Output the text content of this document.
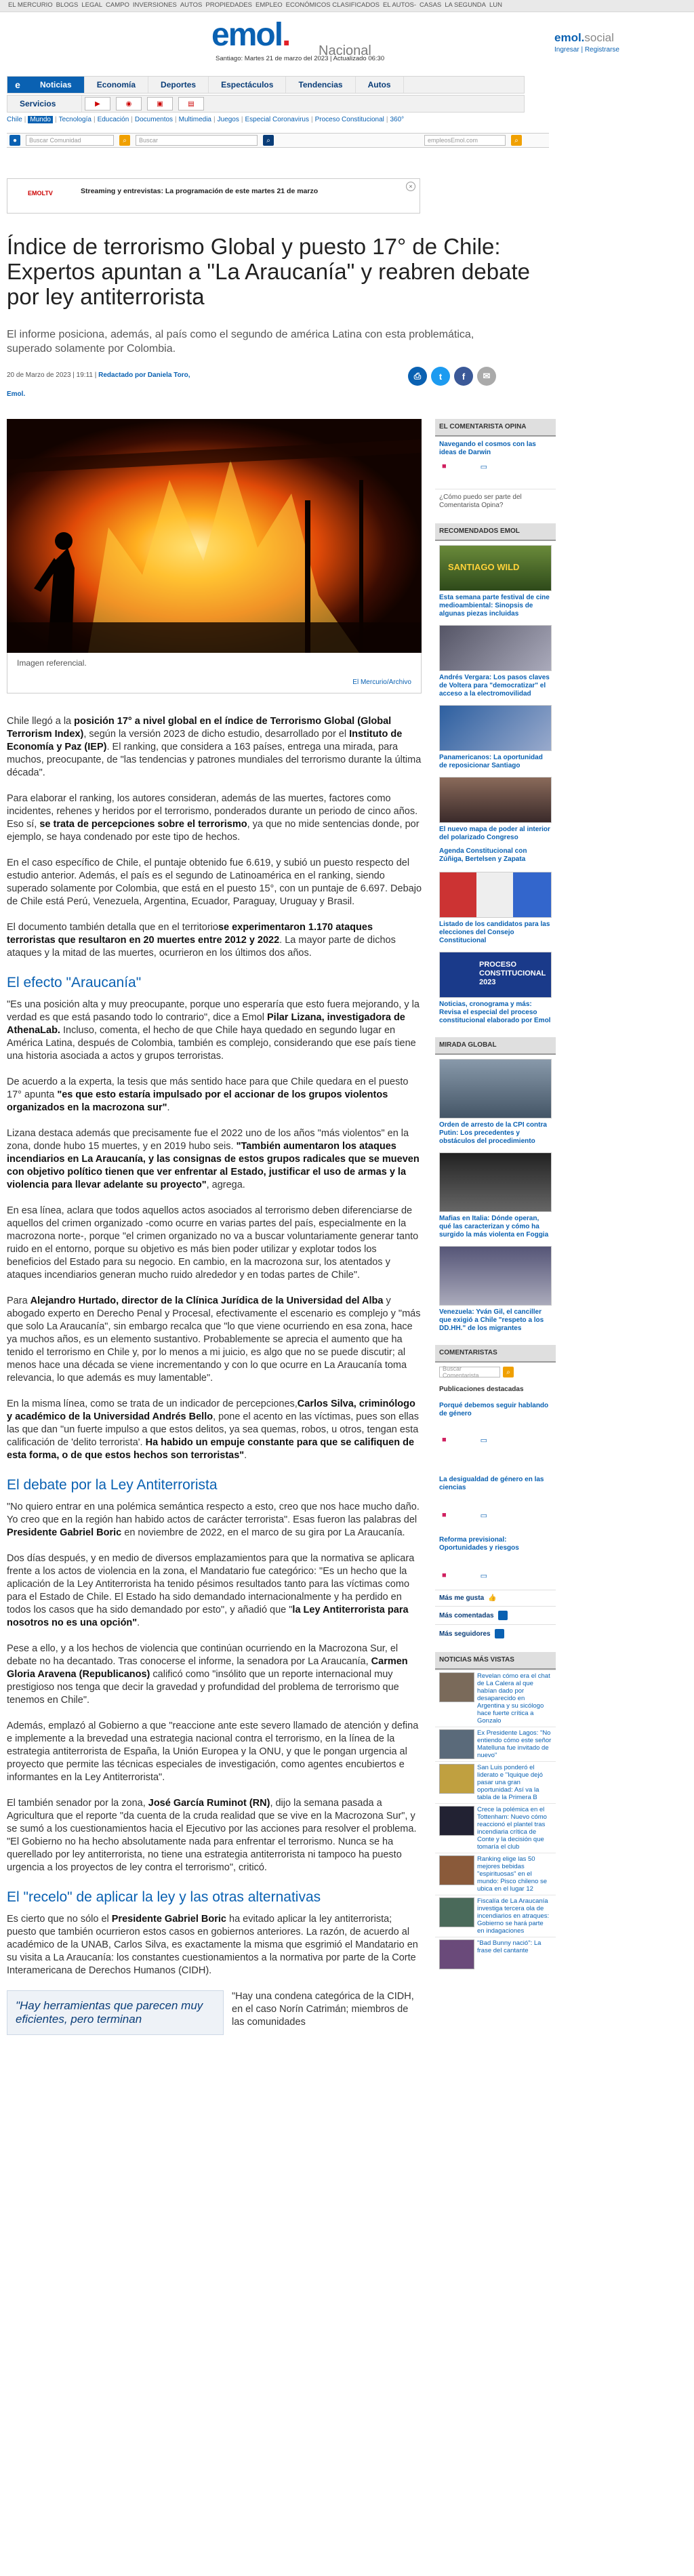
EL MERCURIO BLOGS LEGAL CAMPO INVERSIONES AUTOS PROPIEDADES EMPLEO ECONÓMICOS CLASIFICADOS EL AUTOS- CASAS LA SEGUNDA LUN
emol. Nacional
Santiago: Martes 21 de marzo del 2023 | Actualizado 06:30
emol.social
Ingresar | Registrarse
e	Noticias	Economía	Deportes	Espectáculos	Tendencias	Autos
Servicios	▶	◉	▣	▤
Chile | Mundo | Tecnología | Educación | Documentos | Multimedia | Juegos | Especial Coronavirus | Proceso Constitucional | 360°
●	Buscar Comunidad	⌕	Buscar	⌕	empleosEmol.com	⌕
EMOLTV	Streaming y entrevistas: La programación de este martes 21 de marzo
×
Índice de terrorismo Global y puesto 17° de Chile: Expertos apuntan a "La Araucanía" y reabren debate por ley antiterrorista
El informe posiciona, además, al país como el segundo de américa Latina con esta problemática, superado solamente por Colombia.
20 de Marzo de 2023 | 19:11 | Redactado por Daniela Toro,
Emol.
⎙	t	f	✉
Imagen referencial.
El Mercurio/Archivo

Chile llegó a la posición 17° a nivel global en el índice de Terrorismo Global (Global Terrorism Index), según la versión 2023 de dicho estudio, desarrollado por el Instituto de Economía y Paz (IEP). El ranking, que considera a 163 países, entrega una mirada, para muchos, preocupante, de "las tendencias y patrones mundiales del terrorismo durante la última década".

Para elaborar el ranking, los autores consideran, además de las muertes, factores como incidentes, rehenes y heridos por el terrorismo, ponderados durante un periodo de cinco años. Eso sí, se trata de percepciones sobre el terrorismo, ya que no mide sentencias donde, por ejemplo, se haya condenado por este tipo de hechos.

En el caso específico de Chile, el puntaje obtenido fue 6.619, y subió un puesto respecto del estudio anterior. Además, el país es el segundo de Latinoamérica en el ranking, siendo superado solamente por Colombia, que está en el puesto 15°, con un puntaje de 6.697. Debajo de Chile está Perú, Venezuela, Argentina, Ecuador, Paraguay, Uruguay y Brasil.

El documento también detalla que en el territoriose experimentaron 1.170 ataques terroristas que resultaron en 20 muertes entre 2012 y 2022. La mayor parte de dichos ataques y la mitad de las muertes, ocurrieron en los últimos dos años.

El efecto "Araucanía"

"Es una posición alta y muy preocupante, porque uno esperaría que esto fuera mejorando, y la verdad es que está pasando todo lo contrario", dice a Emol Pilar Lizana, investigadora de AthenaLab. Incluso, comenta, el hecho de que Chile haya quedado en segundo lugar en América Latina, después de Colombia, también es complejo, considerando que ese país tiene una historia asociada a actos y grupos terroristas.

De acuerdo a la experta, la tesis que más sentido hace para que Chile quedara en el puesto 17° apunta "es que esto estaría impulsado por el accionar de los grupos violentos organizados en la macrozona sur".

Lizana destaca además que precisamente fue el 2022 uno de los años "más violentos" en la zona, donde hubo 15 muertes, y en 2019 hubo seis. "También aumentaron los ataques incendiarios en La Araucanía, y las consignas de estos grupos radicales que se mueven con objetivo político tienen que ver enfrentar al Estado, justificar el uso de armas y la violencia para llevar adelante su proyecto", agrega.

En esa línea, aclara que todos aquellos actos asociados al terrorismo deben diferenciarse de aquellos del crimen organizado -como ocurre en varias partes del país, especialmente en la macrozona norte-, porque "el crimen organizado no va a buscar voluntariamente generar tanto ruido en el entorno, porque su objetivo es más bien poder utilizar y explotar todos los beneficios del Estado para su negocio. En cambio, en la macrozona sur, los atentados y ataques incendiarios generan mucho ruido alrededor y en todas partes de Chile".

Para Alejandro Hurtado, director de la Clínica Jurídica de la Universidad del Alba y abogado experto en Derecho Penal y Procesal, efectivamente el escenario es complejo y "más que solo La Araucanía", sin embargo recalca que "lo que viene ocurriendo en esa zona, hace ya muchos años, es un elemento sustantivo. Probablemente se aprecia el aumento que ha tenido el terrorismo en Chile y, por lo menos a mi juicio, es algo que no se puede discutir; al menos hace una década se viene incrementando y con lo que ocurre en La Araucanía toma relevancia, lo que además es muy lamentable".

En la misma línea, como se trata de un indicador de percepciones,Carlos Silva, criminólogo y académico de la Universidad Andrés Bello, pone el acento en las víctimas, pues son ellas las que dan "un fuerte impulso a que estos delitos, ya sea quemas, robos, u otros, tengan esta calificación de 'delito terrorista'. Ha habido un empuje constante para que se califiquen de esta forma, o de que estos hechos son terroristas".

El debate por la Ley Antiterrorista

"No quiero entrar en una polémica semántica respecto a esto, creo que nos hace mucho daño. Yo creo que en la región han habido actos de carácter terrorista". Esas fueron las palabras del Presidente Gabriel Boric en noviembre de 2022, en el marco de su gira por La Araucanía.

Dos días después, y en medio de diversos emplazamientos para que la normativa se aplicara frente a los actos de violencia en la zona, el Mandatario fue categórico: "Es un hecho que la aplicación de la Ley Antiterrorista ha tenido pésimos resultados tanto para las víctimas como para el Estado de Chile. El Estado ha sido demandado internacionalmente y ha perdido en todos los casos que ha sido demandado por esto", y añadió que "la Ley Antiterrorista para nosotros no es una opción".

Pese a ello, y a los hechos de violencia que continúan ocurriendo en la Macrozona Sur, el debate no ha decantado. Tras conocerse el informe, la senadora por La Araucanía, Carmen Gloria Aravena (Republicanos) calificó como "insólito que un reporte internacional muy prestigioso nos tenga que decir la gravedad y profundidad del problema de terrorismo que tenemos en Chile".

Además, emplazó al Gobierno a que "reaccione ante este severo llamado de atención y defina e implemente a la brevedad una estrategia nacional contra el terrorismo, en la línea de la estrategia antiterrorista de España, la Unión Europea y la ONU, y que le pongan urgencia al proyecto que permite las técnicas especiales de investigación, como agentes encubiertos e informantes en la Ley Antiterrorista".

El también senador por la zona, José García Ruminot (RN), dijo la semana pasada a Agricultura que el reporte "da cuenta de la cruda realidad que se vive en la Macrozona Sur", y se sumó a los cuestionamientos hacia el Ejecutivo por las acciones para resolver el problema. "El Gobierno no ha hecho absolutamente nada para enfrentar el terrorismo. Nunca se ha querellado por ley antiterrorista, no tiene una estrategia antiterrorista ni tampoco ha puesto urgencia a los proyectos de ley contra el terrorismo", criticó.

El "recelo" de aplicar la ley y las otras alternativas

Es cierto que no sólo el Presidente Gabriel Boric ha evitado aplicar la ley antiterrorista; puesto que también ocurrieron estos casos en gobiernos anteriores. La razón, de acuerdo al académico de la UNAB, Carlos Silva, es exactamente la misma que esgrimió el Mandatario en su visita a La Araucanía: los constantes cuestionamientos a la normativa por parte de la Corte Interamericana de Derechos Humanos (CIDH).

"Hay herramientas que parecen muy eficientes, pero terminan

"Hay una condena categórica de la CIDH, en el caso Norín Catrimán; miembros de las comunidades

EL COMENTARISTA OPINA
Navegando el cosmos con las ideas de Darwin
■	▭
¿Cómo puedo ser parte del Comentarista Opina?
RECOMENDADOS EMOL
SANTIAGO WILD
Esta semana parte festival de cine medioambiental: Sinopsis de algunas piezas incluidas
Andrés Vergara: Los pasos claves de Voltera para "democratizar" el acceso a la electromovilidad
Panamericanos: La oportunidad de reposicionar Santiago
El nuevo mapa de poder al interior del polarizado Congreso
Agenda Constitucional con Zúñiga, Bertelsen y Zapata
Listado de los candidatos para las elecciones del Consejo Constitucional
PROCESO CONSTITUCIONAL 2023
Noticias, cronograma y más: Revisa el especial del proceso constitucional elaborado por Emol
MIRADA GLOBAL
Orden de arresto de la CPI contra Putin: Los precedentes y obstáculos del procedimiento
Mafias en Italia: Dónde operan, qué las caracterizan y cómo ha surgido la más violenta en Foggia
Venezuela: Yván Gil, el canciller que exigió a Chile "respeto a los DD.HH." de los migrantes
COMENTARISTAS
Buscar Comentarista	⌕
Publicaciones destacadas
Porqué debemos seguir hablando de género
■	▭
La desigualdad de género en las ciencias
■	▭
Reforma previsional: Oportunidades y riesgos
■	▭
Más me gusta 👍
Más comentadas
Más seguidores
NOTICIAS MÁS VISTAS
Revelan cómo era el chat de La Calera al que habían dado por desaparecido en Argentina y su sicólogo hace fuerte crítica a Gonzalo
Ex Presidente Lagos: "No entiendo cómo este señor Matelluna fue invitado de nuevo"
San Luis ponderó el liderato e "Iquique dejó pasar una gran oportunidad: Así va la tabla de la Primera B
Crece la polémica en el Tottenham: Nuevo cómo reaccionó el plantel tras incendiaria crítica de Conte y la decisión que tomaría el club
Ranking elige las 50 mejores bebidas "espirituosas" en el mundo: Pisco chileno se ubica en el lugar 12
Fiscalía de La Araucanía investiga tercera ola de incendiarios en atraques: Gobierno se hará parte en indagaciones
"Bad Bunny nació": La frase del cantante
